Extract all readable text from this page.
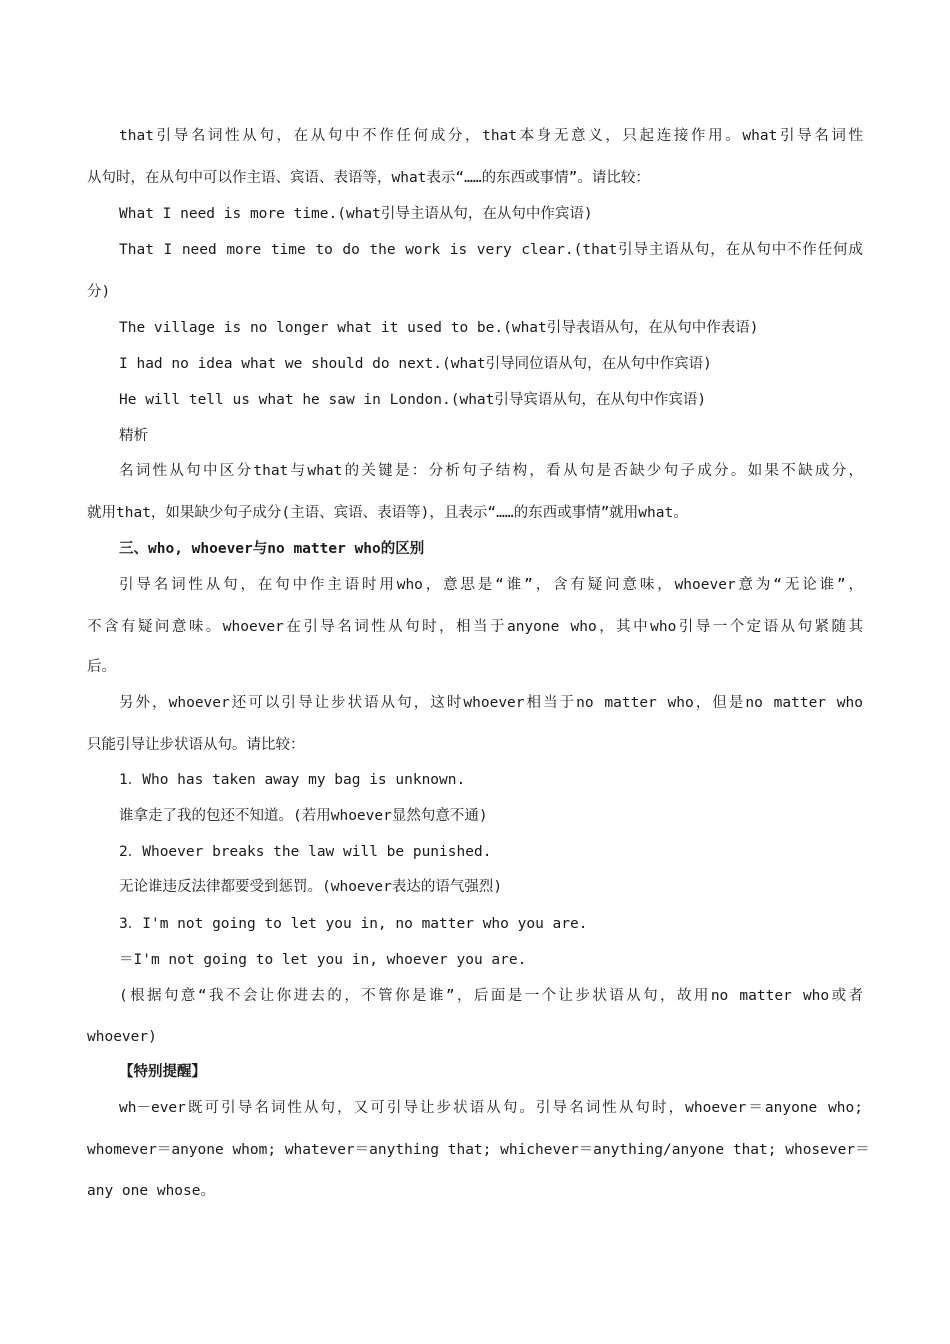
that引导名词性从句，在从句中不作任何成分，that本身无意义，只起连接作用。what引导名词性
从句时，在从句中可以作主语、宾语、表语等，what表示“……的东西或事情”。请比较：
What I need is more time.(what引导主语从句，在从句中作宾语)
That I need more time to do the work is very clear.(that引导主语从句，在从句中不作任何成
分)
The village is no longer what it used to be.(what引导表语从句，在从句中作表语)
I had no idea what we should do next.(what引导同位语从句，在从句中作宾语)
He will tell us what he saw in London.(what引导宾语从句，在从句中作宾语)
精析
名词性从句中区分that与what的关键是：分析句子结构，看从句是否缺少句子成分。如果不缺成分，
就用that，如果缺少句子成分(主语、宾语、表语等)，且表示“……的东西或事情”就用what。
三、who, whoever与no matter who的区别
引导名词性从句，在句中作主语时用who，意思是“谁”，含有疑问意味，whoever意为“无论谁”，
不含有疑问意味。whoever在引导名词性从句时，相当于anyone who，其中who引导一个定语从句紧随其
后。
另外，whoever还可以引导让步状语从句，这时whoever相当于no matter who，但是no matter who
只能引导让步状语从句。请比较：
1．Who has taken away my bag is unknown.
谁拿走了我的包还不知道。(若用whoever显然句意不通)
2．Whoever breaks the law will be punished.
无论谁违反法律都要受到惩罚。(whoever表达的语气强烈)
3．I'm not going to let you in, no matter who you are.
＝I'm not going to let you in, whoever you are.
(根据句意“我不会让你进去的，不管你是谁”，后面是一个让步状语从句，故用no matter who或者
whoever)
【特别提醒】
wh－ever既可引导名词性从句，又可引导让步状语从句。引导名词性从句时，whoever＝anyone who;
whomever＝anyone whom; whatever＝anything that; whichever＝anything/anyone that; whosever＝
any one whose。
